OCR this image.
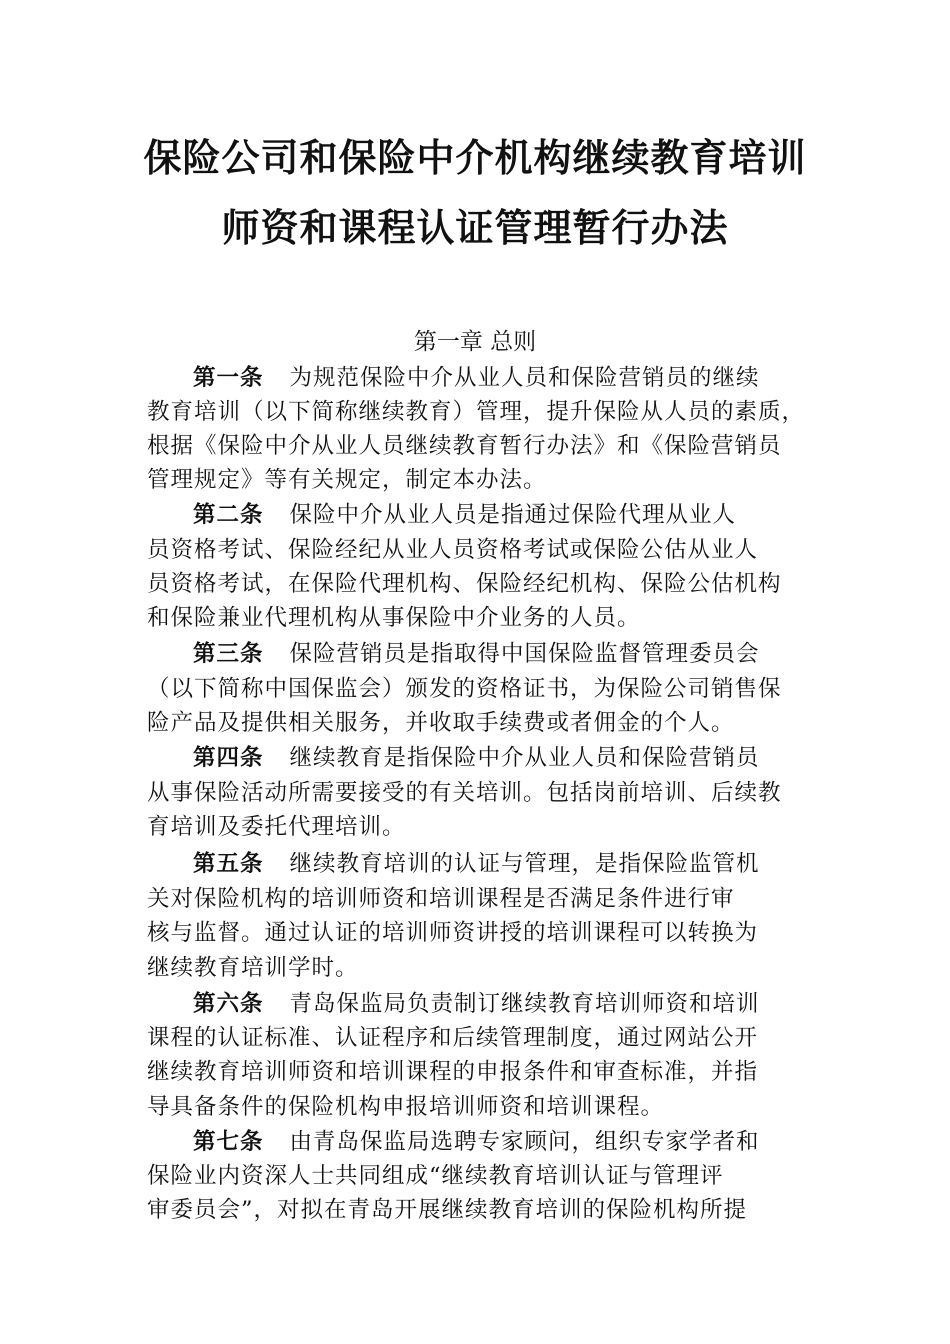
保险公司和保险中介机构继续教育培训
师资和课程认证管理暂行办法
第一章 总则
第一条 为规范保险中介从业人员和保险营销员的继续
教育培训（以下简称继续教育）管理，提升保险从人员的素质，
根据《保险中介从业人员继续教育暂行办法》和《保险营销员
管理规定》等有关规定，制定本办法。
第二条 保险中介从业人员是指通过保险代理从业人
员资格考试、保险经纪从业人员资格考试或保险公估从业人
员资格考试，在保险代理机构、保险经纪机构、保险公估机构
和保险兼业代理机构从事保险中介业务的人员。
第三条 保险营销员是指取得中国保险监督管理委员会
（以下简称中国保监会）颁发的资格证书，为保险公司销售保
险产品及提供相关服务，并收取手续费或者佣金的个人。
第四条 继续教育是指保险中介从业人员和保险营销员
从事保险活动所需要接受的有关培训。包括岗前培训、后续教
育培训及委托代理培训。
第五条 继续教育培训的认证与管理，是指保险监管机
关对保险机构的培训师资和培训课程是否满足条件进行审
核与监督。通过认证的培训师资讲授的培训课程可以转换为
继续教育培训学时。
第六条 青岛保监局负责制订继续教育培训师资和培训
课程的认证标准、认证程序和后续管理制度，通过网站公开
继续教育培训师资和培训课程的申报条件和审查标准，并指
导具备条件的保险机构申报培训师资和培训课程。
第七条 由青岛保监局选聘专家顾问，组织专家学者和
保险业内资深人士共同组成“继续教育培训认证与管理评
审委员会”，对拟在青岛开展继续教育培训的保险机构所提
